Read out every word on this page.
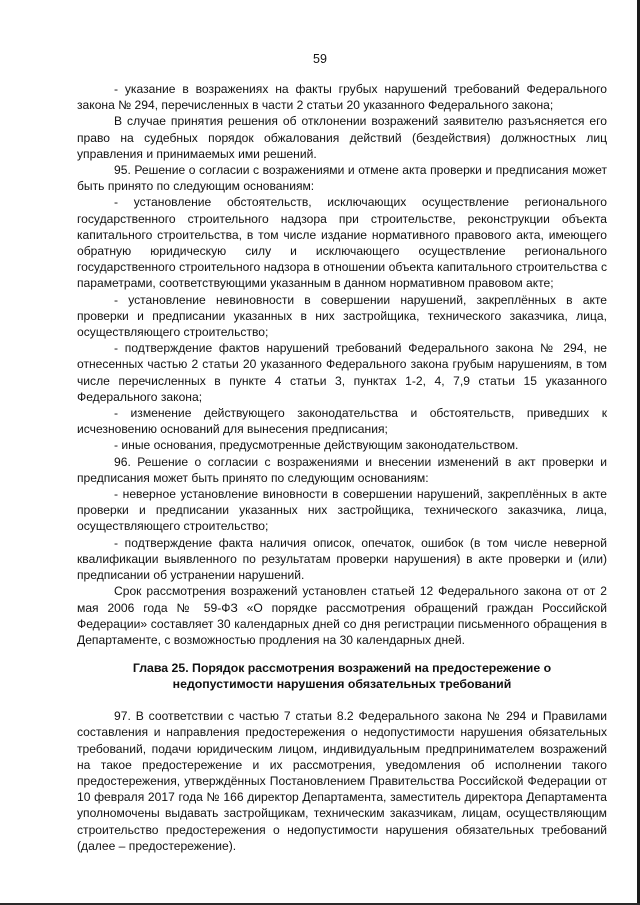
59

- указание в возражениях на факты грубых нарушений требований Федерального закона № 294, перечисленных в части 2 статьи 20 указанного Федерального закона;

В случае принятия решения об отклонении возражений заявителю разъясняется его право на судебных порядок обжалования действий (бездействия) должностных лиц управления и принимаемых ими решений.

95. Решение о согласии с возражениями и отмене акта проверки и предписания может быть принято по следующим основаниям:

- установление обстоятельств, исключающих осуществление регионального государственного строительного надзора при строительстве, реконструкции объекта капитального строительства, в том числе издание нормативного правового акта, имеющего обратную юридическую силу и исключающего осуществление регионального государственного строительного надзора в отношении объекта капитального строительства с параметрами, соответствующими указанным в данном нормативном правовом акте;

- установление невиновности в совершении нарушений, закреплённых в акте проверки и предписании указанных в них застройщика, технического заказчика, лица, осуществляющего строительство;

- подтверждение фактов нарушений требований Федерального закона № 294, не отнесенных частью 2 статьи 20 указанного Федерального закона грубым нарушениям, в том числе перечисленных в пункте 4 статьи 3, пунктах 1-2, 4, 7,9 статьи 15 указанного Федерального закона;

- изменение действующего законодательства и обстоятельств, приведших к исчезновению оснований для вынесения предписания;

- иные основания, предусмотренные действующим законодательством.

96. Решение о согласии с возражениями и внесении изменений в акт проверки и предписания может быть принято по следующим основаниям:

- неверное установление виновности в совершении нарушений, закреплённых в акте проверки и предписании указанных них застройщика, технического заказчика, лица, осуществляющего строительство;

- подтверждение факта наличия описок, опечаток, ошибок (в том числе неверной квалификации выявленного по результатам проверки нарушения) в акте проверки и (или) предписании об устранении нарушений.

Срок рассмотрения возражений установлен статьей 12 Федерального закона от от 2 мая 2006 года № 59-ФЗ «О порядке рассмотрения обращений граждан Российской Федерации» составляет 30 календарных дней со дня регистрации письменного обращения в Департаменте, с возможностью продления на 30 календарных дней.

Глава 25. Порядок рассмотрения возражений на предостережение о
недопустимости нарушения обязательных требований

97. В соответствии с частью 7 статьи 8.2 Федерального закона № 294 и Правилами составления и направления предостережения о недопустимости нарушения обязательных требований, подачи юридическим лицом, индивидуальным предпринимателем возражений на такое предостережение и их рассмотрения, уведомления об исполнении такого предостережения, утверждённых Постановлением Правительства Российской Федерации от 10 февраля 2017 года № 166 директор Департамента, заместитель директора Департамента уполномочены выдавать застройщикам, техническим заказчикам, лицам, осуществляющим строительство предостережения о недопустимости нарушения обязательных требований (далее – предостережение).
